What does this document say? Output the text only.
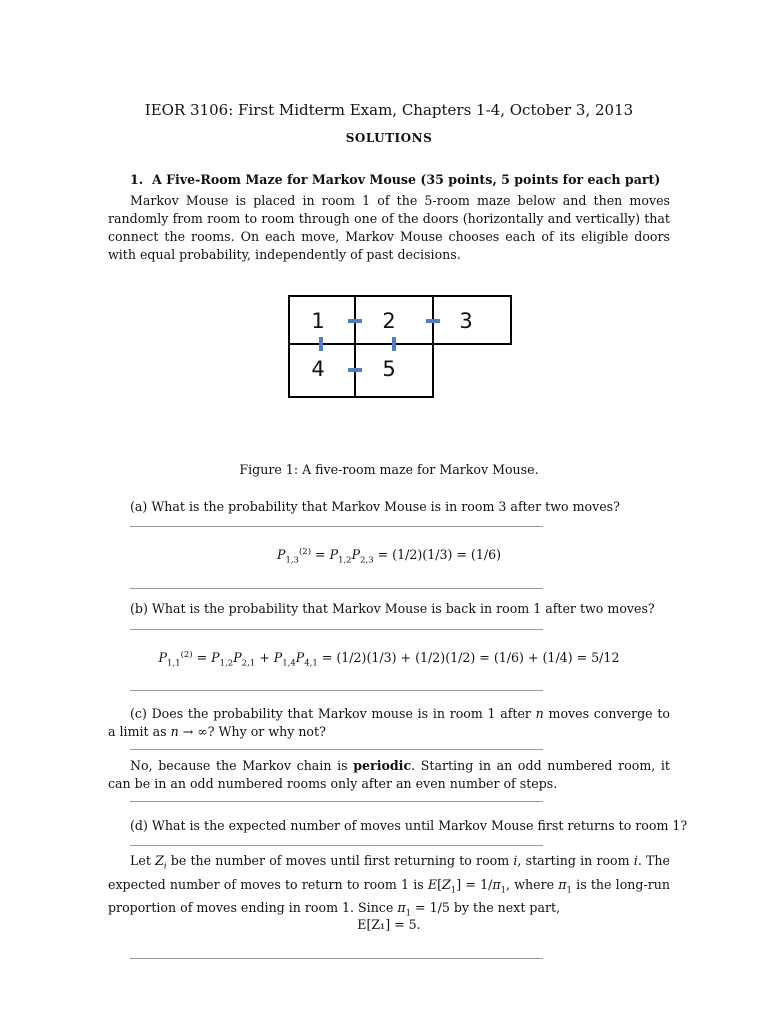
IEOR 3106: First Midterm Exam, Chapters 1-4, October 3, 2013
SOLUTIONS
1. A Five-Room Maze for Markov Mouse (35 points, 5 points for each part)
Markov Mouse is placed in room 1 of the 5-room maze below and then moves randomly from room to room through one of the doors (horizontally and vertically) that connect the rooms. On each move, Markov Mouse chooses each of its eligible doors with equal probability, independently of past decisions.
1	2	3
4	5
Figure 1: A five-room maze for Markov Mouse.
(a) What is the probability that Markov Mouse is in room 3 after two moves?
$P_{1,3}^{(2)} = P_{1,2}P_{2,3} = (1/2)(1/3) = (1/6)$
(b) What is the probability that Markov Mouse is back in room 1 after two moves?
$P_{1,1}^{(2)} = P_{1,2}P_{2,1} + P_{1,4}P_{4,1} = (1/2)(1/3) + (1/2)(1/2) = (1/6) + (1/4) = 5/12$
(c) Does the probability that Markov mouse is in room 1 after n moves converge to a limit as n → ∞? Why or why not?
No, because the Markov chain is periodic. Starting in an odd numbered room, it can be in an odd numbered rooms only after an even number of steps.
(d) What is the expected number of moves until Markov Mouse first returns to room 1?
Let $Z_i$ be the number of moves until first returning to room i, starting in room i. The expected number of moves to return to room 1 is $E[Z_1] = 1/\pi_1$, where $\pi_1$ is the long-run proportion of moves ending in room 1. Since $\pi_1 = 1/5$ by the next part,
E[Z₁] = 5.
